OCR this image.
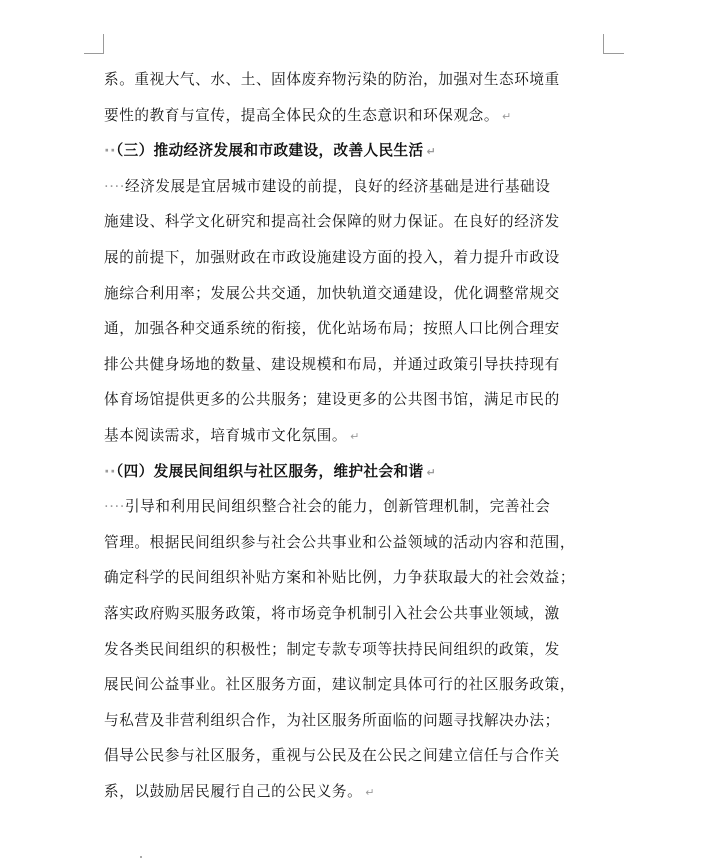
系。重视大气、水、土、固体废弃物污染的防治，加强对生态环境重
要性的教育与宣传，提高全体民众的生态意识和环保观念。 ↵
··（三）推动经济发展和市政建设，改善人民生活 ↵
····经济发展是宜居城市建设的前提，良好的经济基础是进行基础设
施建设、科学文化研究和提高社会保障的财力保证。在良好的经济发
展的前提下，加强财政在市政设施建设方面的投入，着力提升市政设
施综合利用率；发展公共交通，加快轨道交通建设，优化调整常规交
通，加强各种交通系统的衔接，优化站场布局；按照人口比例合理安
排公共健身场地的数量、建设规模和布局，并通过政策引导扶持现有
体育场馆提供更多的公共服务；建设更多的公共图书馆，满足市民的
基本阅读需求，培育城市文化氛围。 ↵
··（四）发展民间组织与社区服务，维护社会和谐 ↵
····引导和利用民间组织整合社会的能力，创新管理机制，完善社会
管理。根据民间组织参与社会公共事业和公益领域的活动内容和范围，
确定科学的民间组织补贴方案和补贴比例，力争获取最大的社会效益；
落实政府购买服务政策，将市场竞争机制引入社会公共事业领域，激
发各类民间组织的积极性；制定专款专项等扶持民间组织的政策，发
展民间公益事业。社区服务方面，建议制定具体可行的社区服务政策，
与私营及非营利组织合作，为社区服务所面临的问题寻找解决办法；
倡导公民参与社区服务，重视与公民及在公民之间建立信任与合作关
系，以鼓励居民履行自己的公民义务。 ↵
